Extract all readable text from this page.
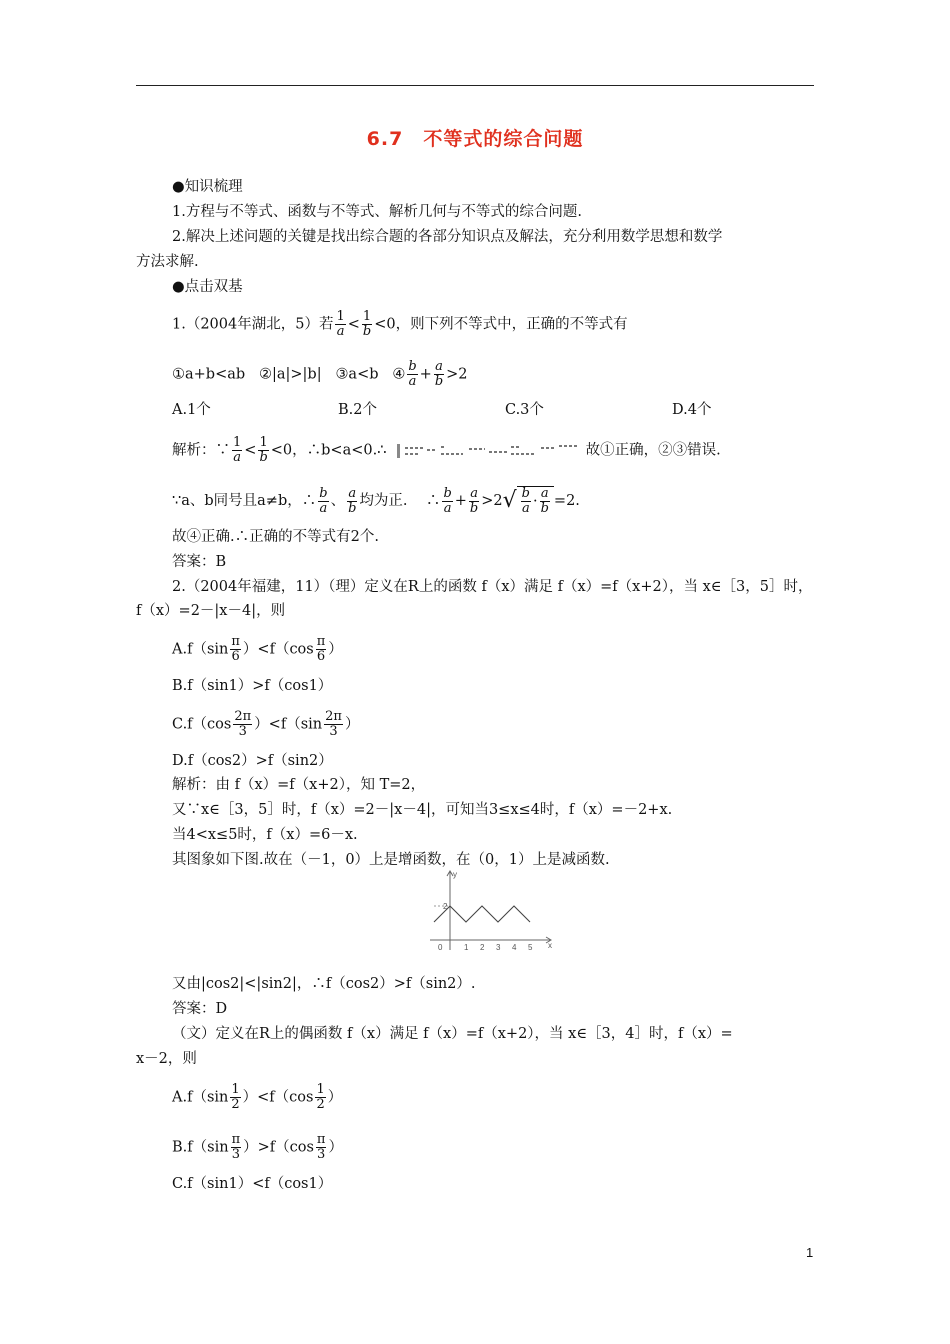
6.7　不等式的综合问题
●知识梳理
1.方程与不等式、函数与不等式、解析几何与不等式的综合问题.
2.解决上述问题的关键是找出综合题的各部分知识点及解法，充分利用数学思想和数学
方法求解.
●点击双基
1.（2004年湖北，5）若 $\frac{1}{a} < \frac{1}{b} <0$，则下列不等式中，正确的不等式有
①a+b<ab ②|a|>|b| ③a<b ④ $\frac{b}{a} + \frac{a}{b} >2$
A.1个	B.2个	C.3个	D.4个
解析：∵ $\frac{1}{a} < \frac{1}{b} <0$，∴b<a<0.∴	故①正确，②③错误.
∵a、b同号且a≠b，∴ $\frac{b}{a}$ 、 $\frac{a}{b}$ 均为正.    ∴ $\frac{b}{a} + \frac{a}{b} >2√ \frac{b}{a} \cdot \frac{a}{b} =2$.
故④正确.∴正确的不等式有2个.
答案：B
2.（2004年福建，11）（理）定义在R上的函数 f（x）满足 f（x）=f（x+2），当 x∈［3，5］时，
f（x）=2－|x－4|，则
$A.f(\sin \frac{\pi}{6} )<f(\cos \frac{\pi}{6}$ ）
B.f（sin1）>f（cos1）
$C.f(\cos \frac{2\pi}{3} )<f(\sin \frac{2\pi}{3}$ ）
D.f（cos2）>f（sin2）
解析：由 f（x）=f（x+2），知 T=2，
又∵x∈［3，5］时，f（x）=2－|x－4|，可知当3≤x≤4时，f（x）=－2+x.
当4<x≤5时，f（x）=6－x.
其图象如下图.故在（－1，0）上是增函数，在（0，1）上是减函数.
y
x
0
2
1 2 3 4 5
又由|cos2|<|sin2|，∴f（cos2）>f（sin2）.
答案：D
（文）定义在R上的偶函数 f（x）满足 f（x）=f（x+2），当 x∈［3，4］时，f（x）=
x－2，则
$A.f(\sin \frac{1}{2} )<f(\cos \frac{1}{2}$ ）
$B.f(\sin \frac{\pi}{3} )>f(\cos \frac{\pi}{3}$ ）
C.f（sin1）<f（cos1）
1
